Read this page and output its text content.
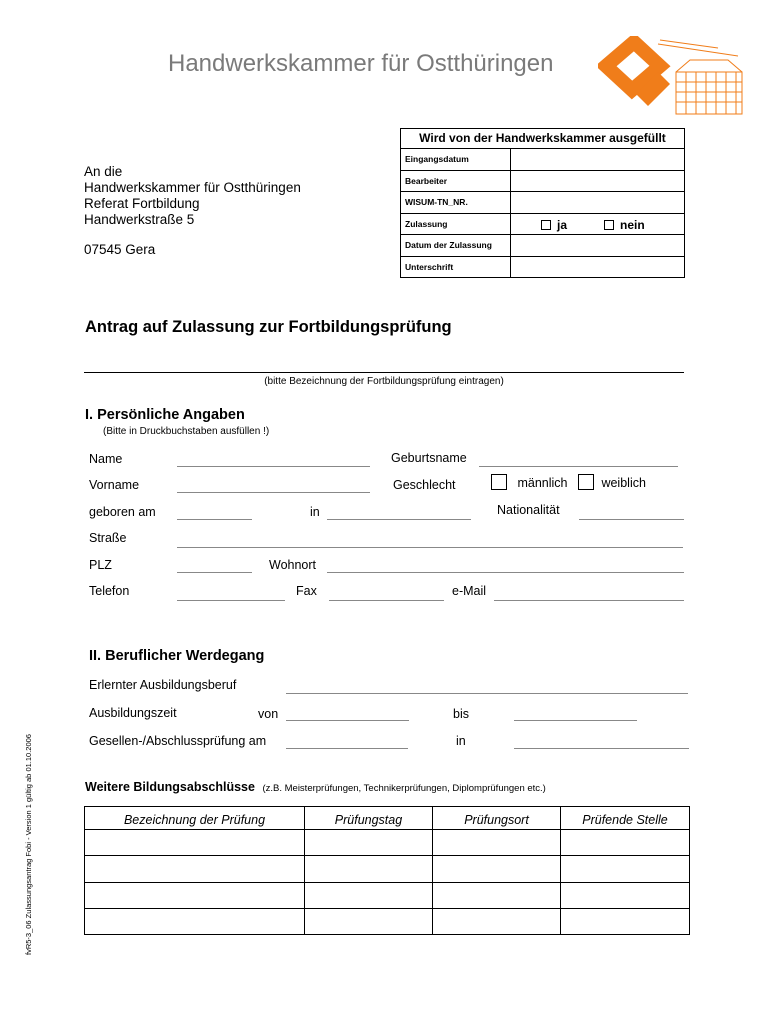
Handwerkskammer für Ostthüringen
Wird von der Handwerkskammer ausgefüllt
Eingangsdatum
Bearbeiter
WISUM-TN_NR.
Zulassung	ja	nein
Datum der Zulassung
Unterschrift
An die
Handwerkskammer für Ostthüringen
Referat Fortbildung
Handwerkstraße 5
07545 Gera
Antrag auf Zulassung zur Fortbildungsprüfung
(bitte Bezeichnung der Fortbildungsprüfung eintragen)
I. Persönliche Angaben
(Bitte in Druckbuchstaben ausfüllen !)
Name	Geburtsname
Vorname	Geschlecht	männlich	weiblich
geboren am	in	Nationalität
Straße
PLZ	Wohnort
Telefon	Fax	e-Mail
II. Beruflicher Werdegang
Erlernter Ausbildungsberuf
Ausbildungszeit	von	bis
Gesellen-/Abschlussprüfung am	in
Weitere Bildungsabschlüsse (z.B. Meisterprüfungen, Technikerprüfungen, Diplomprüfungen etc.)
Bezeichnung der Prüfung	Prüfungstag	Prüfungsort	Prüfende Stelle
fvR5-3_06 Zulassungsantrag Fobi - Version 1 gültig ab 01.10.2006
